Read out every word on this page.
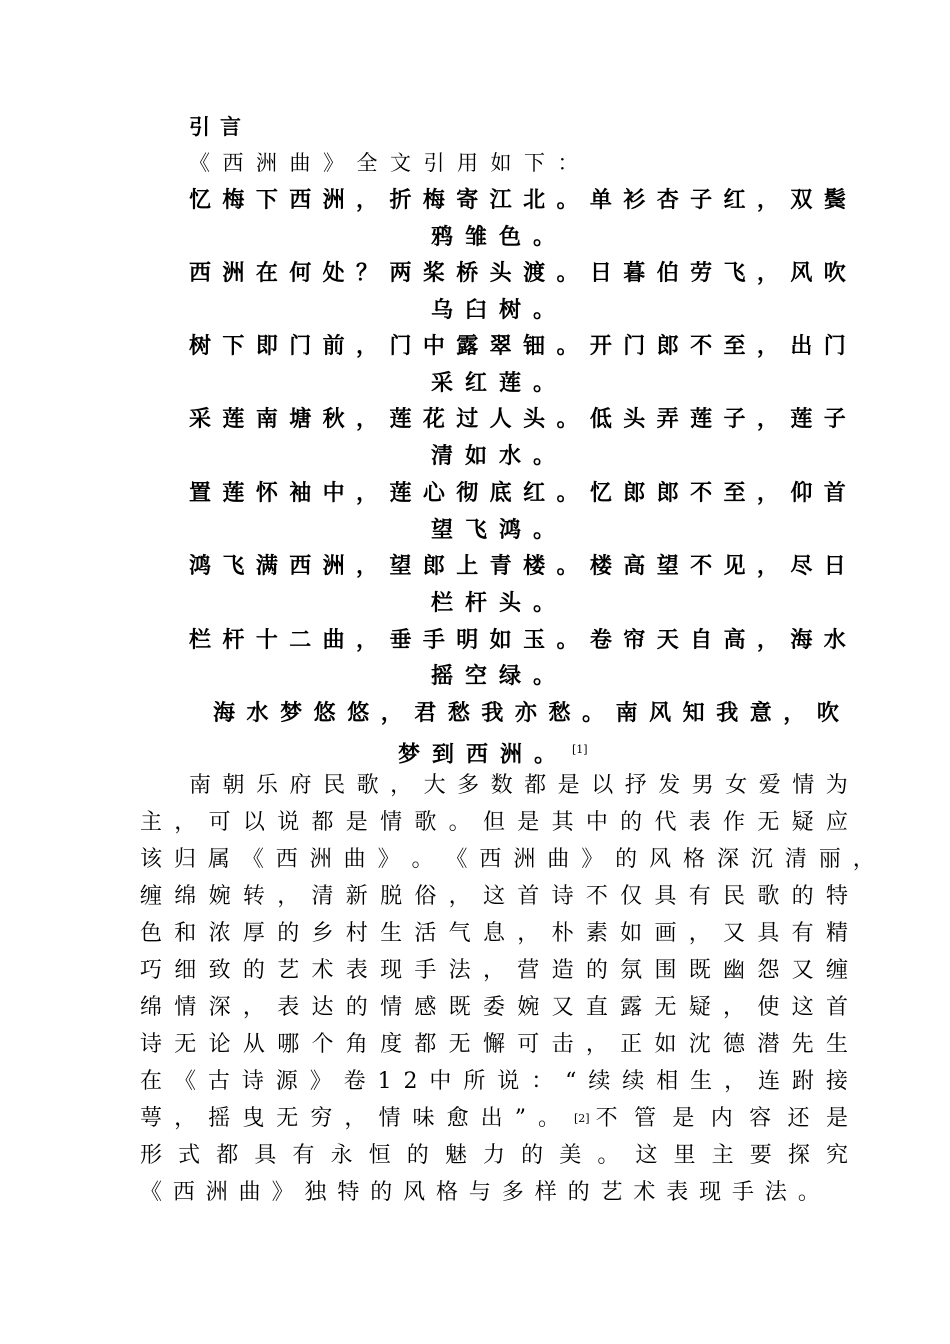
引言
《西洲曲》全文引用如下：
忆 梅 下 西 洲 ， 折 梅 寄 江 北 。 单 衫 杏 子 红 ， 双 鬓
鸦雏色。
西 洲 在 何 处 ？ 两 桨 桥 头 渡 。 日 暮 伯 劳 飞 ， 风 吹
乌臼树。
树 下 即 门 前 ， 门 中 露 翠 钿 。 开 门 郎 不 至 ， 出 门
采红莲。
采 莲 南 塘 秋 ， 莲 花 过 人 头 。 低 头 弄 莲 子 ， 莲 子
清如水。
置 莲 怀 袖 中 ， 莲 心 彻 底 红 。 忆 郎 郎 不 至 ， 仰 首
望飞鸿。
鸿 飞 满 西 洲 ， 望 郎 上 青 楼 。 楼 高 望 不 见 ， 尽 日
栏杆头。
栏 杆 十 二 曲 ， 垂 手 明 如 玉 。 卷 帘 天 自 高 ， 海 水
摇空绿。
海 水 梦 悠 悠 ， 君 愁 我 亦 愁 。 南 风 知 我 意 ， 吹
梦到西洲。 [1]
南 朝 乐 府 民 歌 ， 大 多 数 都 是 以 抒 发 男 女 爱 情 为
主 ， 可 以 说 都 是 情 歌 。 但 是 其 中 的 代 表 作 无 疑 应
该 归 属 《 西 洲 曲 》 。 《 西 洲 曲 》 的 风 格 深 沉 清 丽 ，
缠 绵 婉 转 ， 清 新 脱 俗 ， 这 首 诗 不 仅 具 有 民 歌 的 特
色 和 浓 厚 的 乡 村 生 活 气 息 ， 朴 素 如 画 ， 又 具 有 精
巧 细 致 的 艺 术 表 现 手 法 ， 营 造 的 氛 围 既 幽 怨 又 缠
绵 情 深 ， 表 达 的 情 感 既 委 婉 又 直 露 无 疑 ， 使 这 首
诗 无 论 从 哪 个 角 度 都 无 懈 可 击 ， 正 如 沈 德 潜 先 生
在 《 古 诗 源 》 卷 1 2 中 所 说 ： “ 续 续 相 生 ， 连 跗 接
萼 ， 摇 曳 无 穷 ， 情 味 愈 出 ” 。 [2] 不 管 是 内 容 还 是
形 式 都 具 有 永 恒 的 魅 力 的 美 。 这 里 主 要 探 究
《 西 洲 曲 》 独 特 的 风 格 与 多 样 的 艺 术 表 现 手 法 。
